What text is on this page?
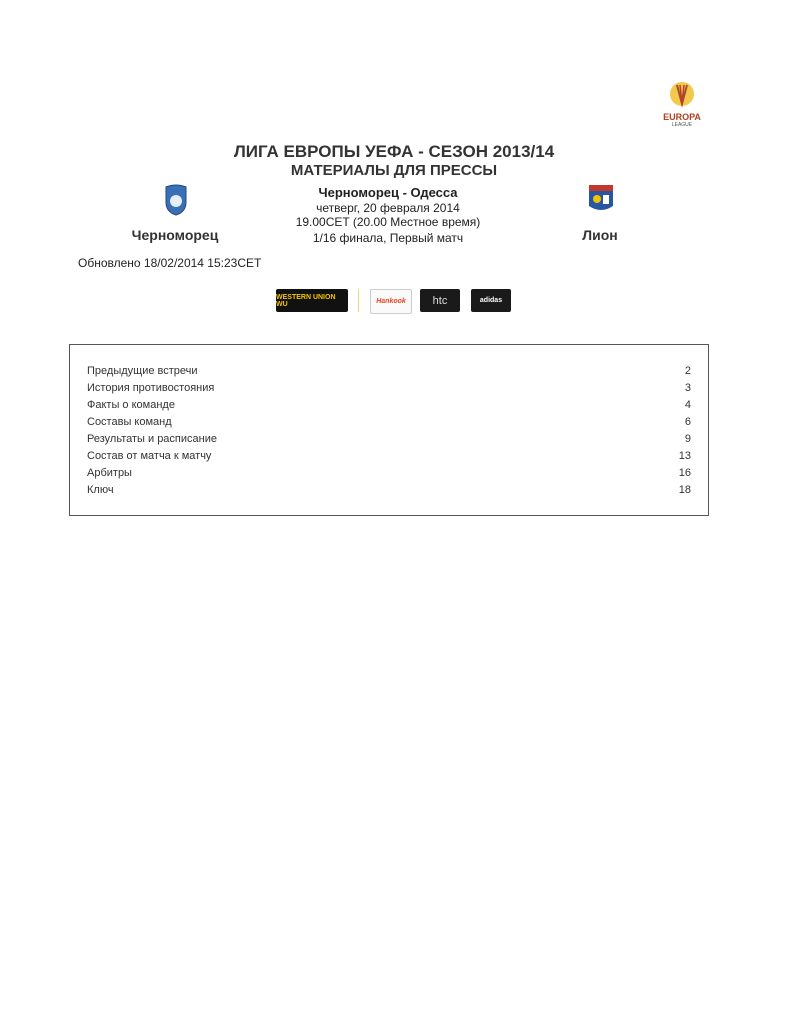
EUROPA
LEAGUE
ЛИГА ЕВРОПЫ УЕФА - СЕЗОН 2013/14
МАТЕРИАЛЫ ДЛЯ ПРЕССЫ
Черноморец	Лион
Черноморец - Одесса
четверг, 20 февраля 2014
19.00CET (20.00 Местное время)
1/16 финала, Первый матч
Обновлено 18/02/2014 15:23CET
WESTERN UNION WU	Hankook	htc	adidas
Предыдущие встречи	2
История противостояния	3
Факты о команде	4
Составы команд	6
Результаты и расписание	9
Состав от матча к матчу	13
Арбитры	16
Ключ	18
